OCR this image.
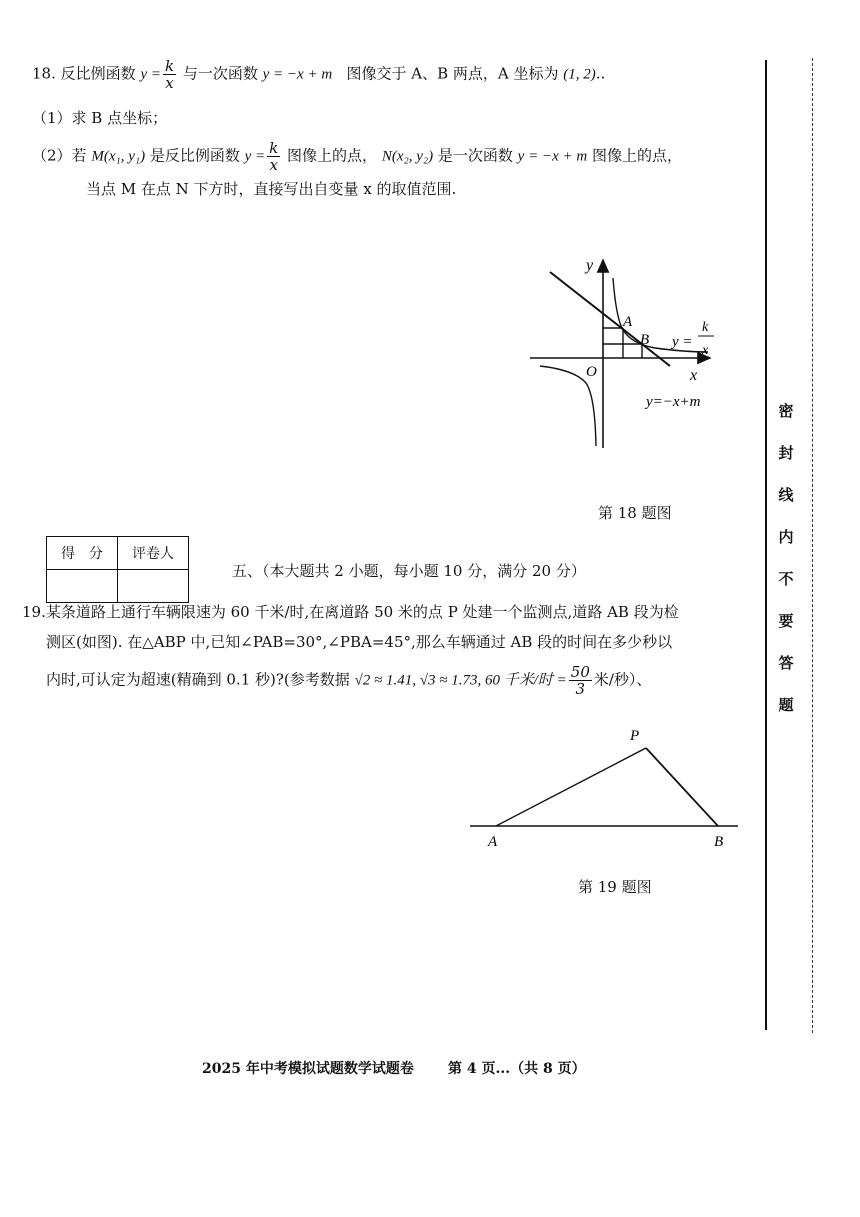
18. 反比例函数 $y = \frac{k}{x}$ 与一次函数 y = −x + m 图像交于 A、B 两点，A 坐标为 (1, 2)..
（1）求 B 点坐标；
（2）若 M(x₁, y₁) 是反比例函数 $y = \frac{k}{x}$ 图像上的点， N(x₂, y₂) 是一次函数 y = −x + m 图像上的点，
当点 M 在点 N 下方时，直接写出自变量 x 的取值范围.
y
x
O
A
B y =
k
x
y=−x+m
第 18 题图
得　分	评卷人

五、（本大题共 2 小题，每小题 10 分，满分 20 分）
19.某条道路上通行车辆限速为 60 千米/时,在离道路 50 米的点 P 处建一个监测点,道路 AB 段为检
测区(如图). 在△ABP 中,已知∠PAB=30°,∠PBA=45°,那么车辆通过 AB 段的时间在多少秒以
内时,可认定为超速(精确到 0.1 秒)?(参考数据 √2 ≈ 1.41, √3 ≈ 1.73, 60 千米/时 = $\frac{50}{3}$ 米/秒）、
P
A	B
第 19 题图
密
封
线
内
不
要
答
题
2025 年中考模拟试题数学试题卷 第 4 页...（共 8 页）
